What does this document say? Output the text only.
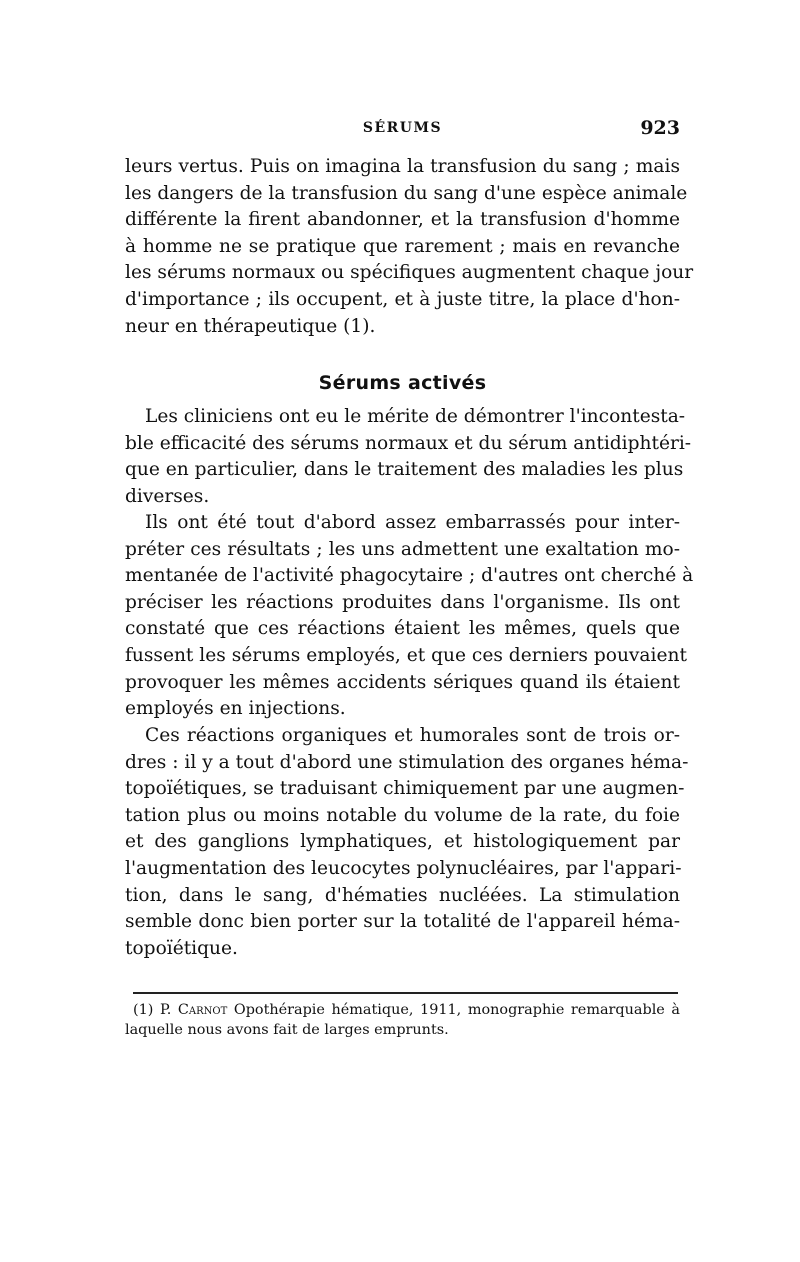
SÉRUMS	923
leurs vertus. Puis on imagina la transfusion du sang ; mais
les dangers de la transfusion du sang d'une espèce animale
différente la firent abandonner, et la transfusion d'homme
à homme ne se pratique que rarement ; mais en revanche
les sérums normaux ou spécifiques augmentent chaque jour
d'importance ; ils occupent, et à juste titre, la place d'hon-
neur en thérapeutique (1).
Sérums activés
Les cliniciens ont eu le mérite de démontrer l'incontesta-
ble efficacité des sérums normaux et du sérum antidiphtéri-
que en particulier, dans le traitement des maladies les plus
diverses.
Ils ont été tout d'abord assez embarrassés pour inter-
préter ces résultats ; les uns admettent une exaltation mo-
mentanée de l'activité phagocytaire ; d'autres ont cherché à
préciser les réactions produites dans l'organisme. Ils ont
constaté que ces réactions étaient les mêmes, quels que
fussent les sérums employés, et que ces derniers pouvaient
provoquer les mêmes accidents sériques quand ils étaient
employés en injections.
Ces réactions organiques et humorales sont de trois or-
dres : il y a tout d'abord une stimulation des organes héma-
topoïétiques, se traduisant chimiquement par une augmen-
tation plus ou moins notable du volume de la rate, du foie
et des ganglions lymphatiques, et histologiquement par
l'augmentation des leucocytes polynucléaires, par l'appari-
tion, dans le sang, d'hématies nucléées. La stimulation
semble donc bien porter sur la totalité de l'appareil héma-
topoïétique.
(1) P. Carnot Opothérapie hématique, 1911, monographie remarquable à
laquelle nous avons fait de larges emprunts.
